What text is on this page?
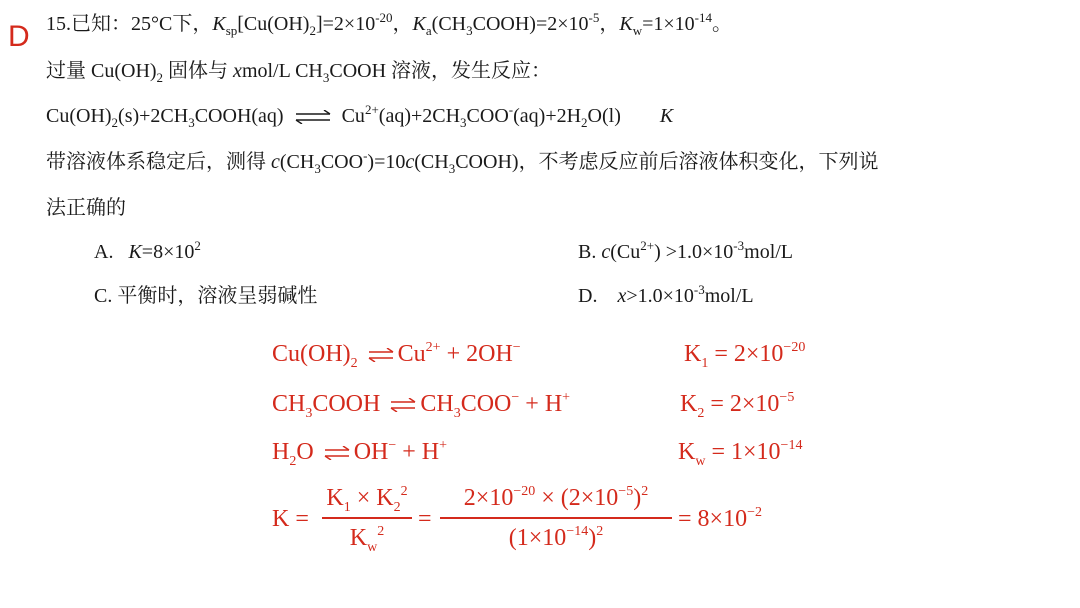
D 15.已知：25°C下，$K_{sp}[Cu(OH)_2]=2\times 10^{-20}$，$K_a(CH_3COOH)=2\times 10^{-5}$，$K_w=1\times 10^{-14}$。
过量 $Cu(OH)_2$ 固体与 xmol/L $CH_3COOH$ 溶液，发生反应：
$Cu(OH)_2(s)+2CH_3COOH(aq)$ ⇌ $Cu^{2+}(aq)+2CH_3COO^-(aq)+2H_2O(l)$ K
带溶液体系稳定后，测得 $c(CH_3COO^-)=10c(CH_3COOH)$，不考虑反应前后溶液体积变化，下列说
法正确的
A. $K=8\times 10^2$	B. $c(Cu^{2+}) >1.0\times 10^{-3}mol/L$
C. 平衡时，溶液呈弱碱性	D. $x>1.0\times 10^{-3}mol/L$
$Cu(OH)_2$ ⇌ $Cu^{2+} + 2OH^-$	$K_1 = 2\times 10^{-20}$
$CH_3COOH$ ⇌ $CH_3COO^- + H^+$	$K_2 = 2\times 10^{-5}$
$H_2O$ ⇌ OH− + H+	$K_w = 1\times 10^{-14}$
K =
$K_1 \times K_2^2$
$K_w^2$	=
$2\times 10^{-20} \times (2\times 10^{-5})^2$
$(1\times 10^{-14})^2$	= $8\times 10^{-2}$
